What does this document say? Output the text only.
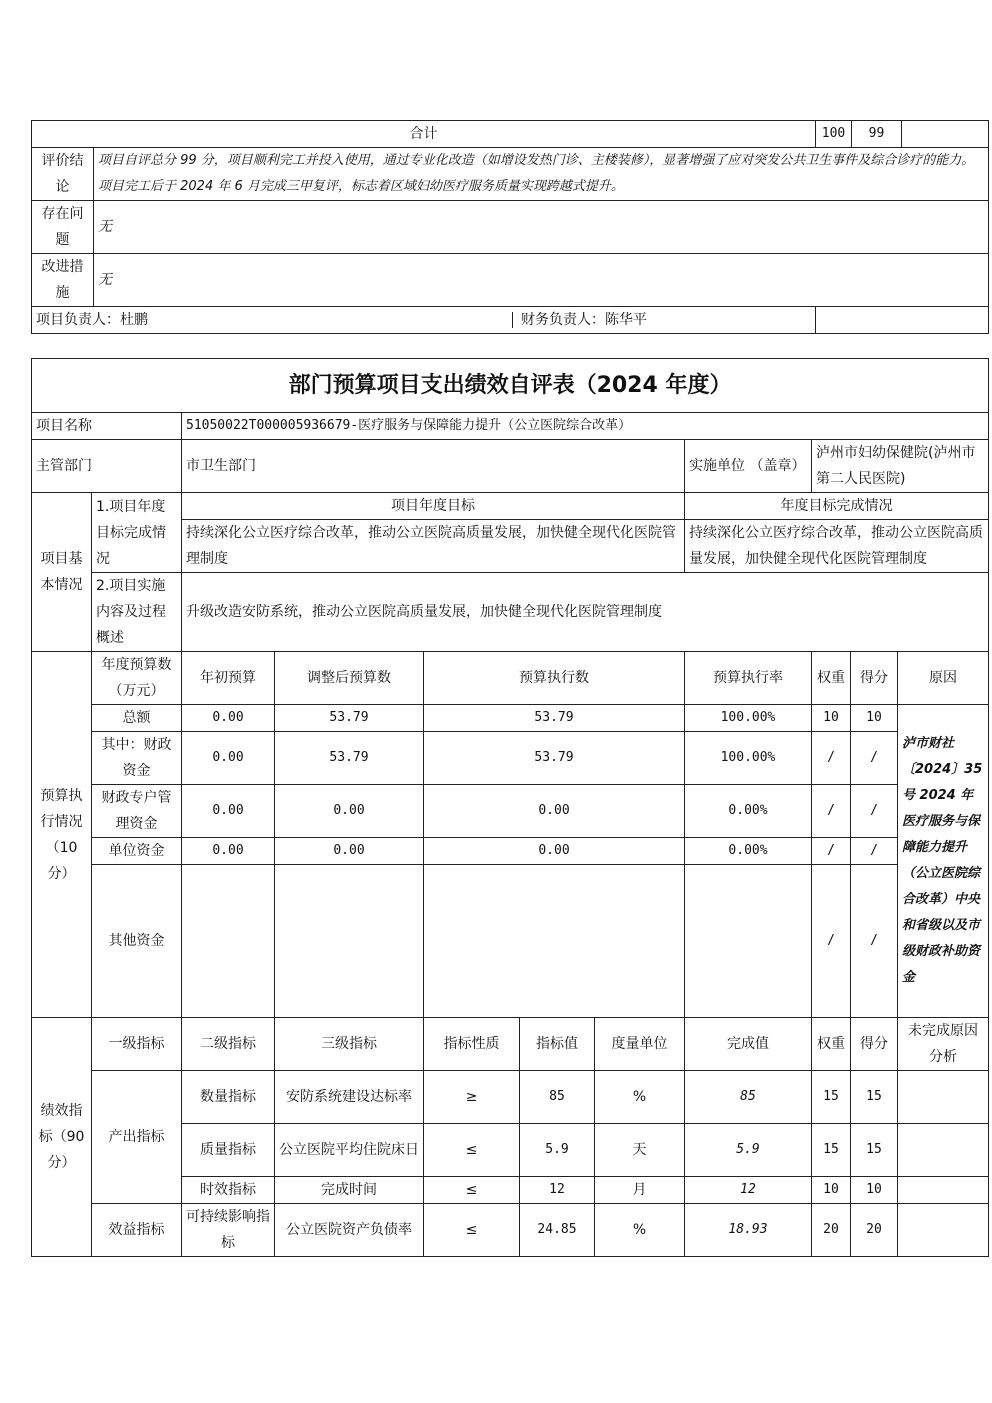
合计		100	99	
评价结论	项目自评总分 99 分，项目顺利完工并投入使用，通过专业化改造（如增设发热门诊、主楼装修），显著增强了应对突发公共卫生事件及综合诊疗的能力。项目完工后于 2024 年 6 月完成三甲复评，标志着区域妇幼医疗服务质量实现跨越式提升。			
存在问题	无			
改进措施	无			
项目负责人：杜鹏 财务负责人：陈华平				
部门预算项目支出绩效自评表（2024 年度）										
项目名称		51050022T000005936679-医疗服务与保障能力提升（公立医院综合改革）								
主管部门		市卫生部门					实施单位 （盖章）	泸州市妇幼保健院(泸州市第二人民医院)		
项目基本情况	1.项目年度目标完成情况	项目年度目标					年度目标完成情况			
		持续深化公立医疗综合改革，推动公立医院高质量发展，加快健全现代化医院管理制度					持续深化公立医疗综合改革，推动公立医院高质量发展，加快健全现代化医院管理制度			
	2.项目实施内容及过程概述	升级改造安防系统，推动公立医院高质量发展，加快健全现代化医院管理制度								
预算执行情况（10分）	年度预算数（万元）	年初预算	调整后预算数	预算执行数			预算执行率	权重	得分	原因
	总额	0.00	53.79	53.79			100.00%	10	10	泸市财社〔2024〕35号 2024 年医疗服务与保障能力提升（公立医院综合改革）中央和省级以及市级财政补助资金
	其中：财政资金	0.00	53.79	53.79			100.00%	/	/	
	财政专户管理资金	0.00	0.00	0.00			0.00%	/	/	
	单位资金	0.00	0.00	0.00			0.00%	/	/	
	其他资金							/	/	
绩效指标（90分）	一级指标	二级指标	三级指标	指标性质	指标值	度量单位	完成值	权重	得分	未完成原因分析
	产出指标	数量指标	安防系统建设达标率	≥	85	%	85	15	15	
		质量指标	公立医院平均住院床日	≤	5.9	天	5.9	15	15	
		时效指标	完成时间	≤	12	月	12	10	10	
	效益指标	可持续影响指标	公立医院资产负债率	≤	24.85	%	18.93	20	20	
